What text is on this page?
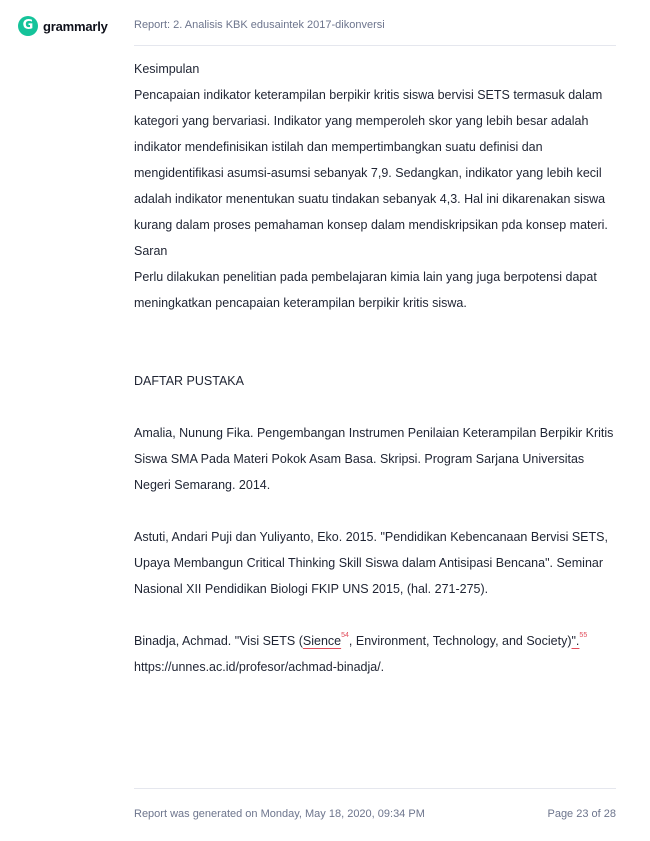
G grammarly Report: 2. Analisis KBK edusaintek 2017-dikonversi

Kesimpulan

Pencapaian indikator keterampilan berpikir kritis siswa bervisi SETS termasuk dalam kategori yang bervariasi. Indikator yang memperoleh skor yang lebih besar adalah indikator mendefinisikan istilah dan mempertimbangkan suatu definisi dan mengidentifikasi asumsi-asumsi sebanyak 7,9. Sedangkan, indikator yang lebih kecil adalah indikator menentukan suatu tindakan sebanyak 4,3. Hal ini dikarenakan siswa kurang dalam proses pemahaman konsep dalam mendiskripsikan pda konsep materi.

Saran

Perlu dilakukan penelitian pada pembelajaran kimia lain yang juga berpotensi dapat meningkatkan pencapaian keterampilan berpikir kritis siswa.

DAFTAR PUSTAKA

Amalia, Nunung Fika. Pengembangan Instrumen Penilaian Keterampilan Berpikir Kritis Siswa SMA Pada Materi Pokok Asam Basa. Skripsi. Program Sarjana Universitas Negeri Semarang. 2014.

Astuti, Andari Puji dan Yuliyanto, Eko. 2015. "Pendidikan Kebencanaan Bervisi SETS, Upaya Membangun Critical Thinking Skill Siswa dalam Antisipasi Bencana". Seminar Nasional XII Pendidikan Biologi FKIP UNS 2015, (hal. 271-275).

Binadja, Achmad. "Visi SETS (Sience$^{54}$, Environment, Technology, and Society)".$^{55}$
https://unnes.ac.id/profesor/achmad-binadja/.

Report was generated on Monday, May 18, 2020, 09:34 PM	Page 23 of 28
